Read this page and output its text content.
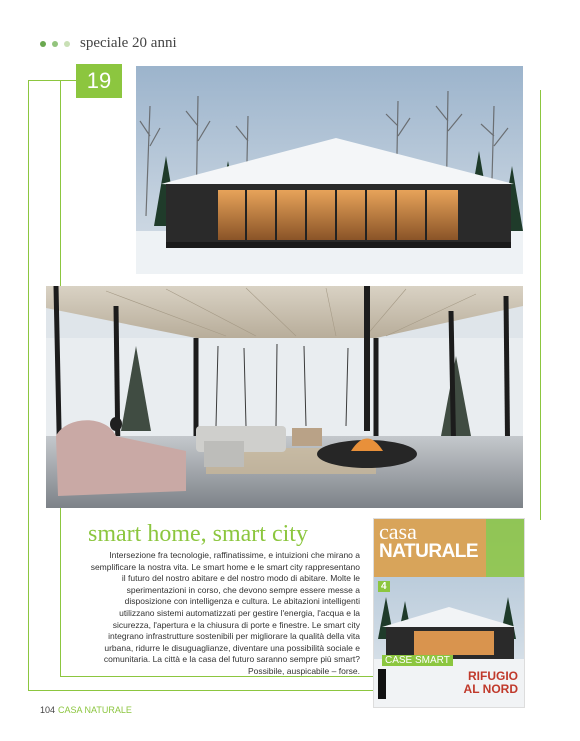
speciale 20 anni
19
smart home, smart city

Intersezione fra tecnologie, raffinatissime, e intuizioni che mirano a semplificare la nostra vita. Le smart home e le smart city rappresentano il futuro del nostro abitare e del nostro modo di abitare. Molte le sperimentazioni in corso, che devono sempre essere messe a disposizione con intelligenza e cultura. Le abitazioni intelligenti utilizzano sistemi automatizzati per gestire l'energia, l'acqua e la sicurezza, l'apertura e la chiusura di porte e finestre. Le smart city integrano infrastrutture sostenibili per migliorare la qualità della vita urbana, ridurre le disuguaglianze, diventare una possibilità sociale e comunitaria. La città e la casa del futuro saranno sempre più smart? Possibile, auspicabile – forse.

casa
NATURALE
4
CASE SMART
RIFUGIO
AL NORD
104 CASA NATURALE
